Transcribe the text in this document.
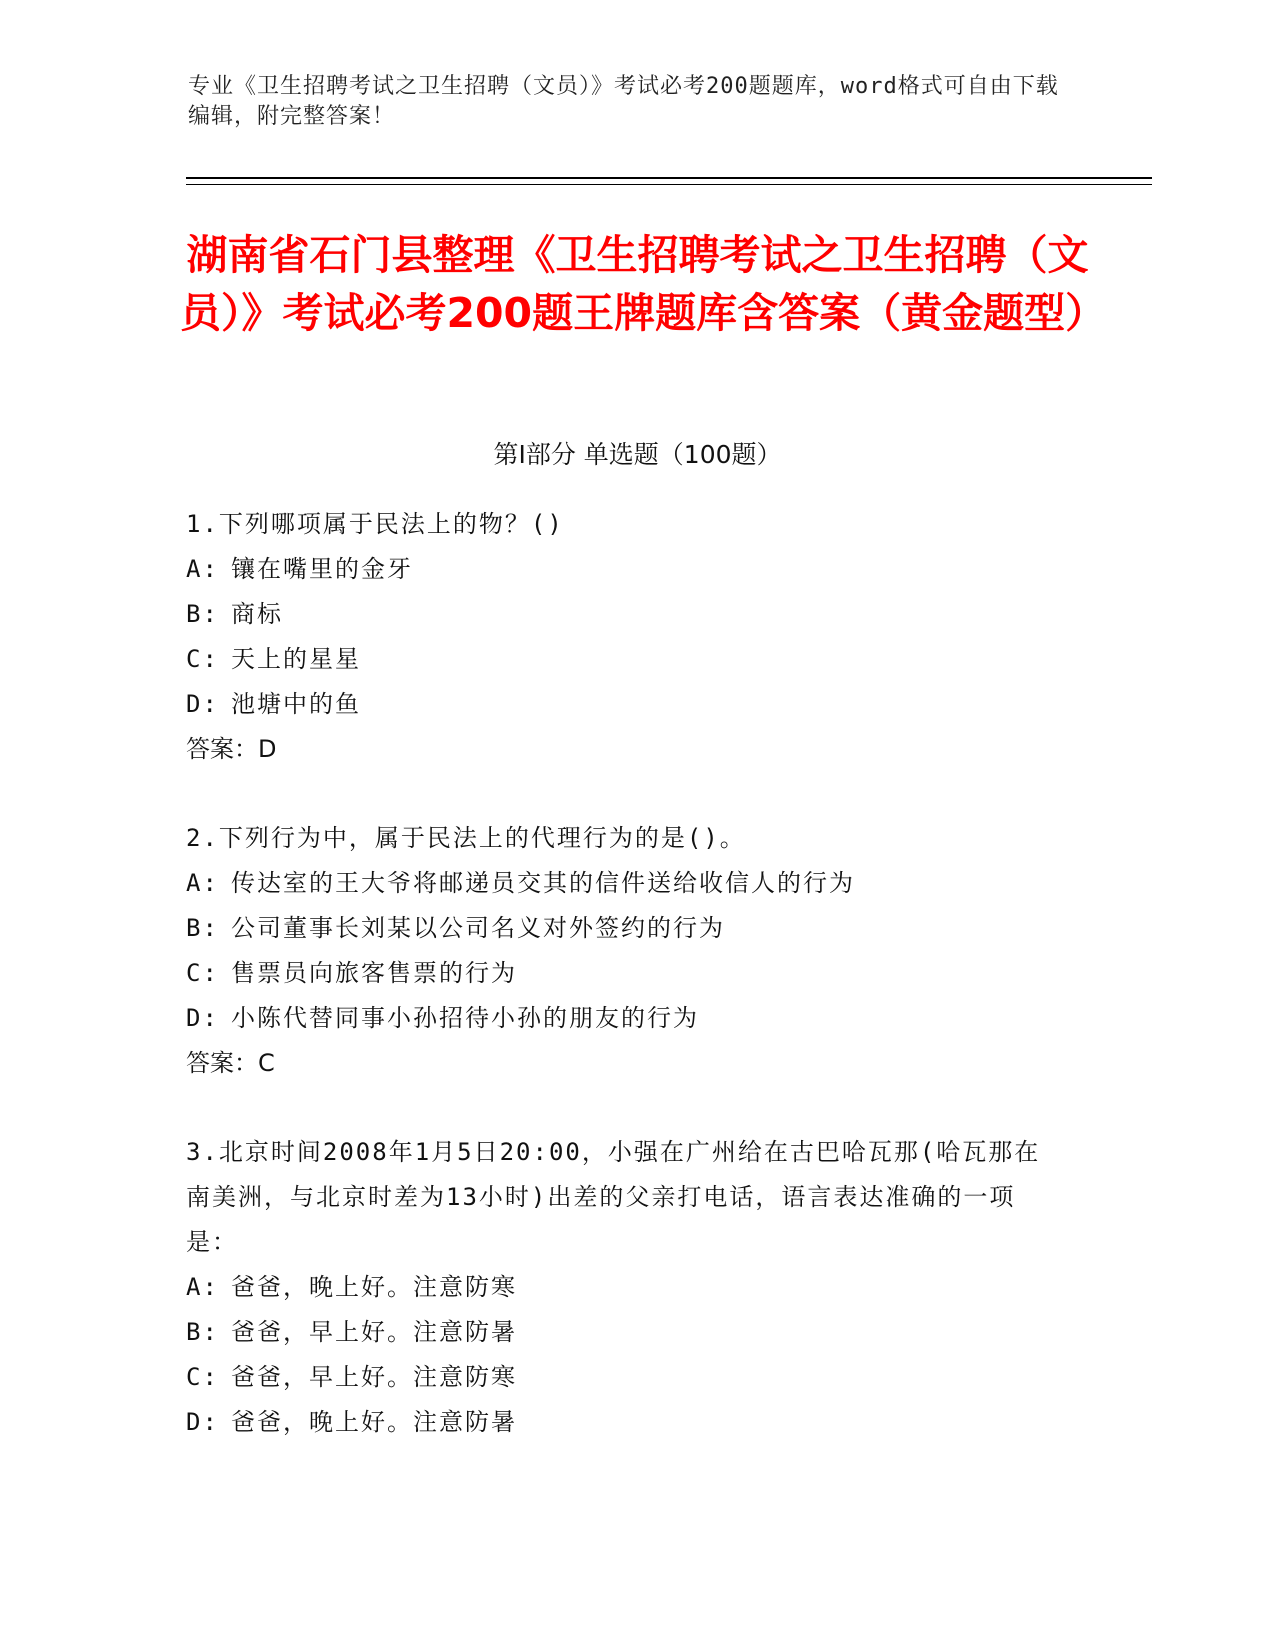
专业《卫生招聘考试之卫生招聘（文员）》考试必考200题题库，word格式可自由下载编辑，附完整答案！
湖南省石门县整理《卫生招聘考试之卫生招聘（文员）》考试必考200题王牌题库含答案（黄金题型）
第Ⅰ部分 单选题（100题）

1.下列哪项属于民法上的物？()

A: 镶在嘴里的金牙

B: 商标

C: 天上的星星

D: 池塘中的鱼

答案：D

2.下列行为中，属于民法上的代理行为的是()。

A: 传达室的王大爷将邮递员交其的信件送给收信人的行为

B: 公司董事长刘某以公司名义对外签约的行为

C: 售票员向旅客售票的行为

D: 小陈代替同事小孙招待小孙的朋友的行为

答案：C

3.北京时间2008年1月5日20:00，小强在广州给在古巴哈瓦那(哈瓦那在南美洲，与北京时差为13小时)出差的父亲打电话，语言表达准确的一项是：

A: 爸爸，晚上好。注意防寒

B: 爸爸，早上好。注意防暑

C: 爸爸，早上好。注意防寒

D: 爸爸，晚上好。注意防暑
